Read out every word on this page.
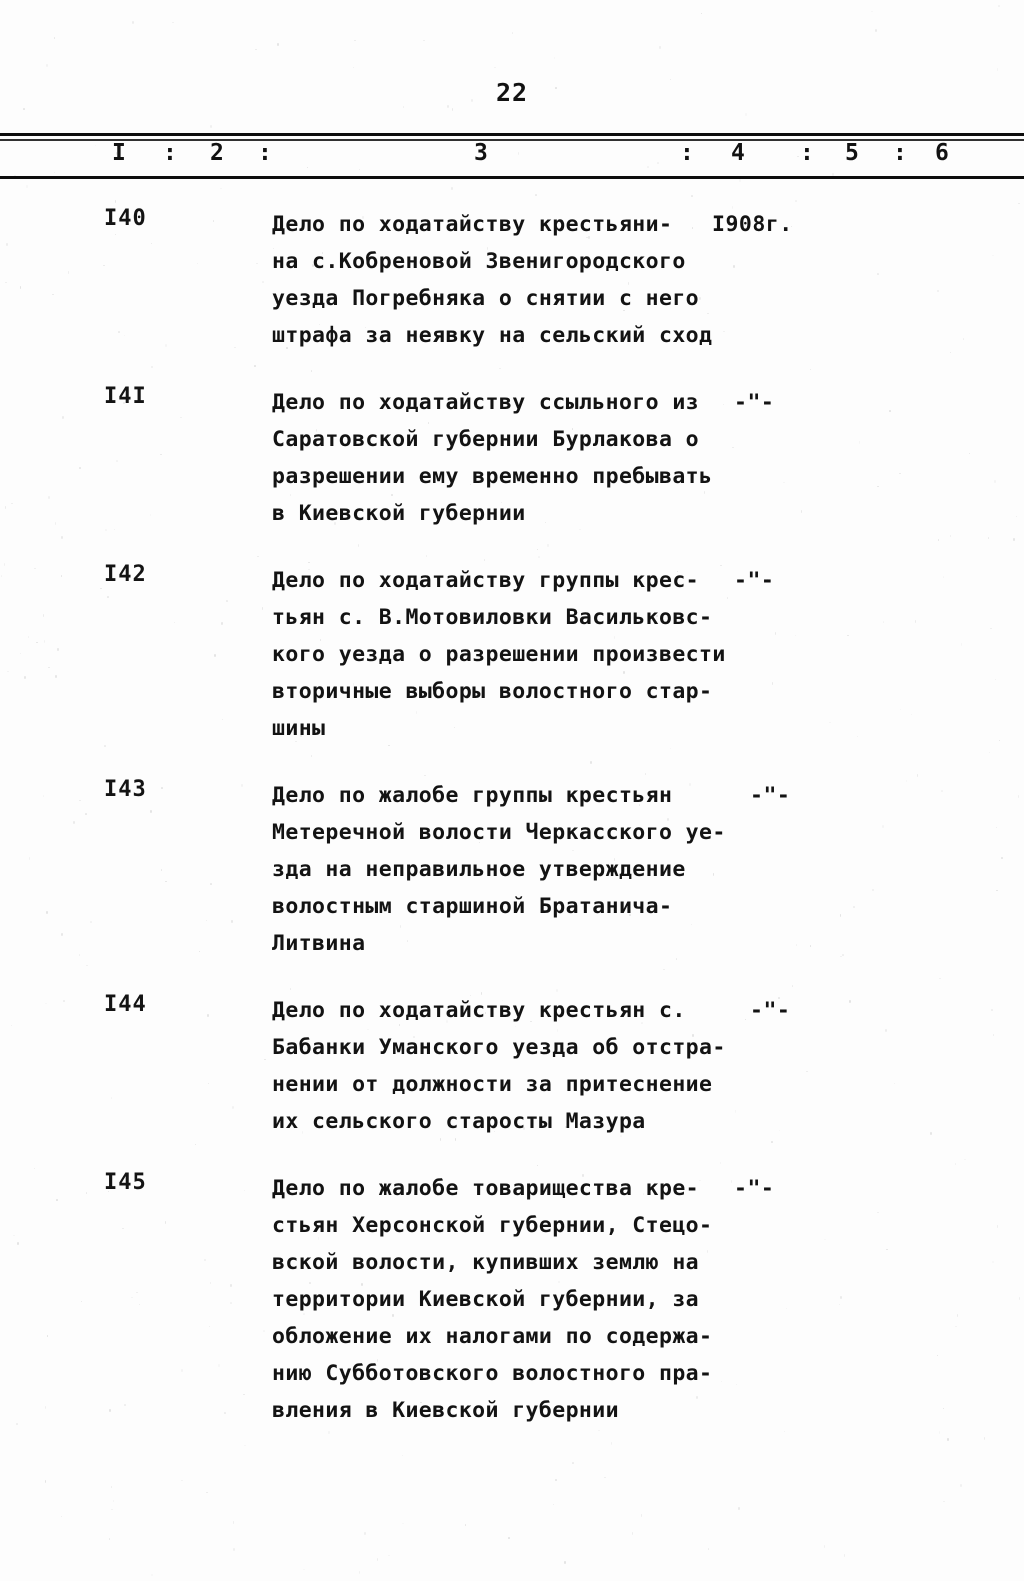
22
I : 2 :	3	: 4 : 5 : 6
I40	Дело по ходатайству крестьяни- I908г.
на с.Кобреновой Звенигородского
уезда Погребняка о снятии с него
штрафа за неявку на сельский сход
I4I	Дело по ходатайству ссыльного из -"-
Саратовской губернии Бурлакова о
разрешении ему временно пребывать
в Киевской губернии
I42	Дело по ходатайству группы крес- -"-
тьян с. В.Мотовиловки Васильковс-
кого уезда о разрешении произвести
вторичные выборы волостного стар-
шины
I43	Дело по жалобе группы крестьян	-"-
Метеречной волости Черкасского уе-
зда на неправильное утверждение
волостным старшиной Братанича-
Литвина
I44	Дело по ходатайству крестьян с.	-"-
Бабанки Уманского уезда об отстра-
нении от должности за притеснение
их сельского старосты Мазура
I45	Дело по жалобе товарищества кре- -"-
стьян Херсонской губернии, Стецо-
вской волости, купивших землю на
территории Киевской губернии, за
обложение их налогами по содержа-
нию Субботовского волостного пра-
вления в Киевской губернии
